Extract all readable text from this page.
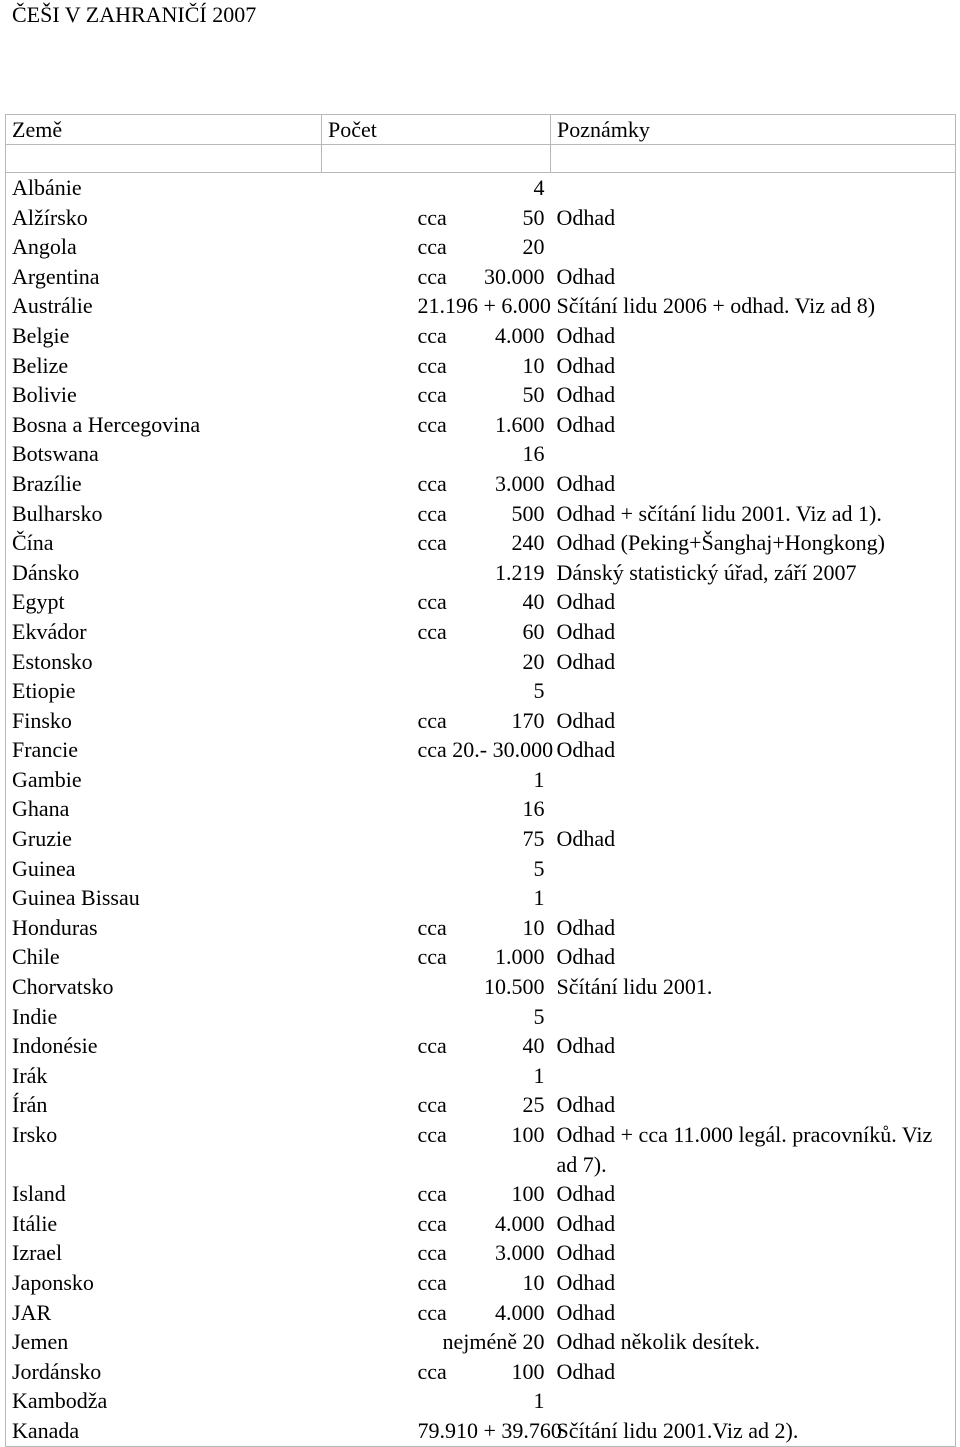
ČEŠI V ZAHRANIČÍ 2007
Země	Počet	Poznámky

Albánie	4	

Alžírsko	cca 50	Odhad
Angola	cca 20	

Argentina	cca 30.000	Odhad
Austrálie	21.196 + 6.000	Sčítání lidu 2006 + odhad. Viz ad 8)
Belgie	cca 4.000	Odhad
Belize	cca 10	Odhad
Bolivie	cca 50	Odhad
Bosna a Hercegovina	cca 1.600	Odhad
Botswana	16	

Brazílie	cca 3.000	Odhad
Bulharsko	cca 500	Odhad + sčítání lidu 2001. Viz ad 1).
Čína	cca 240	Odhad (Peking+Šanghaj+Hongkong)
Dánsko	1.219	Dánský statistický úřad, září 2007
Egypt	cca 40	Odhad
Ekvádor	cca 60	Odhad
Estonsko	20	Odhad
Etiopie	5	

Finsko	cca 170	Odhad
Francie	cca 20.- 30.000	Odhad
Gambie	1	

Ghana	16	

Gruzie	75	Odhad
Guinea	5	

Guinea Bissau	1	

Honduras	cca 10	Odhad
Chile	cca 1.000	Odhad
Chorvatsko	10.500	Sčítání lidu 2001.
Indie	5	

Indonésie	cca 40	Odhad
Irák	1	

Írán	cca 25	Odhad
Irsko	cca 100	Odhad + cca 11.000 legál. pracovníků. Viz ad 7).
Island	cca 100	Odhad
Itálie	cca 4.000	Odhad
Izrael	cca 3.000	Odhad
Japonsko	cca 10	Odhad
JAR	cca 4.000	Odhad
Jemen	nejméně 20	Odhad několik desítek.
Jordánsko	cca 100	Odhad
Kambodža	1	

Kanada	79.910 + 39.760	Sčítání lidu 2001.Viz ad 2).
